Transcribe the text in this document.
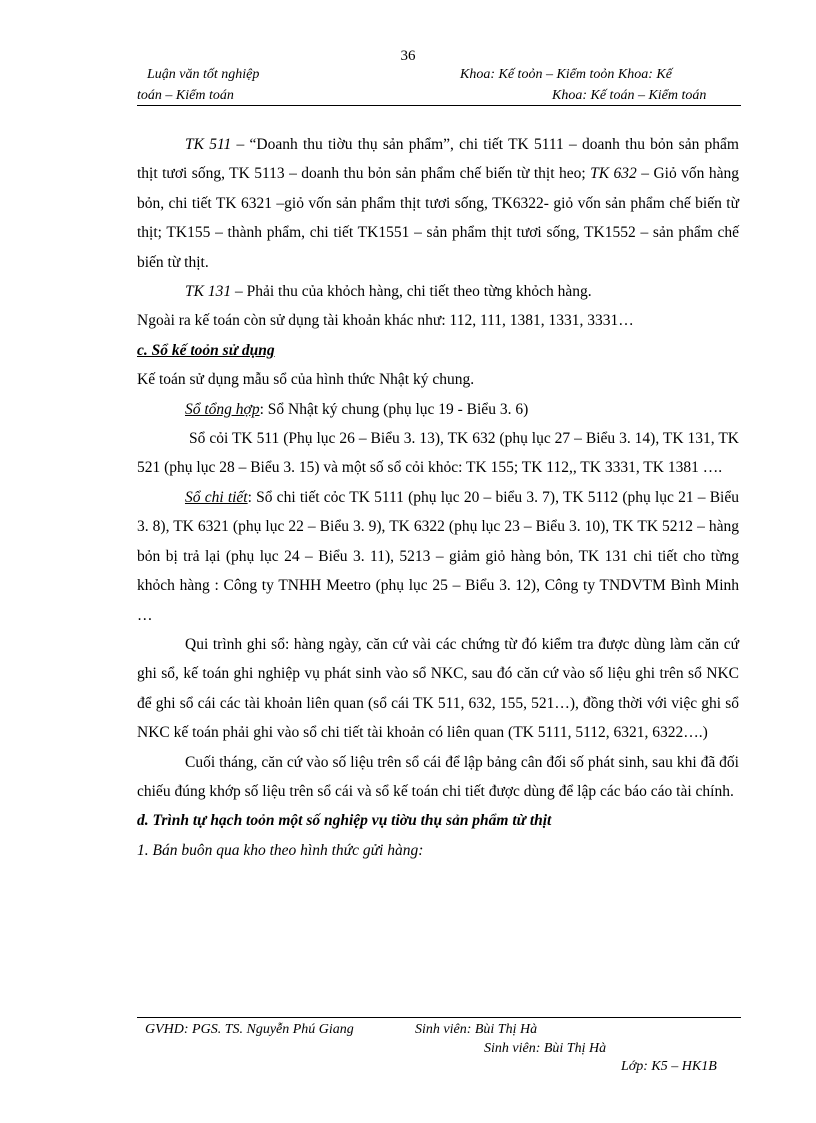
36
Luận văn tốt nghiệp	Khoa: Kế toỏn – Kiểm toỏn Khoa: Kế
toán – Kiểm toán	Khoa: Kế toán – Kiểm toán

TK 511 – “Doanh thu tiờu thụ sản phẩm”, chi tiết TK 5111 – doanh thu bỏn sản phẩm thịt tươi sống, TK 5113 – doanh thu bỏn sản phẩm chế biến từ thịt heo; TK 632 – Giỏ vốn hàng bỏn, chi tiết TK 6321 –giỏ vốn sản phẩm thịt tươi sống, TK6322- giỏ vốn sản phẩm chế biến từ thịt; TK155 – thành phẩm, chi tiết TK1551 – sản phẩm thịt tươi sống, TK1552 – sản phẩm chế biến từ thịt.

TK 131 – Phải thu của khỏch hàng, chi tiết theo từng khỏch hàng.

Ngoài ra kế toán còn sử dụng tài khoản khác như: 112, 111, 1381, 1331, 3331…

c. Sổ kế toỏn sử dụng

Kế toán sử dụng mẫu sổ của hình thức Nhật ký chung.

Sổ tổng hợp: Sổ Nhật ký chung (phụ lục 19 - Biểu 3. 6)

Sổ cỏi TK 511 (Phụ lục 26 – Biểu 3. 13), TK 632 (phụ lục 27 – Biểu 3. 14), TK 131, TK 521 (phụ lục 28 – Biểu 3. 15) và một số sổ cỏi khỏc: TK 155; TK 112,, TK 3331, TK 1381 ….

Sổ chi tiết: Sổ chi tiết cỏc TK 5111 (phụ lục 20 – biểu 3. 7), TK 5112 (phụ lục 21 – Biểu 3. 8), TK 6321 (phụ lục 22 – Biểu 3. 9), TK 6322 (phụ lục 23 – Biểu 3. 10), TK TK 5212 – hàng bỏn bị trả lại (phụ lục 24 – Biểu 3. 11), 5213 – giảm giỏ hàng bỏn, TK 131 chi tiết cho từng khỏch hàng : Công ty TNHH Meetro (phụ lục 25 – Biểu 3. 12), Công ty TNDVTM Bình Minh …

Qui trình ghi sổ: hàng ngày, căn cứ vài các chứng từ đó kiểm tra được dùng làm căn cứ ghi sổ, kế toán ghi nghiệp vụ phát sinh vào sổ NKC, sau đó căn cứ vào số liệu ghi trên sổ NKC để ghi sổ cái các tài khoản liên quan (sổ cái TK 511, 632, 155, 521…), đồng thời với việc ghi sổ NKC kế toán phải ghi vào sổ chi tiết tài khoản có liên quan (TK 5111, 5112, 6321, 6322….)

Cuối tháng, căn cứ vào số liệu trên sổ cái để lập bảng cân đối số phát sinh, sau khi đã đối chiếu đúng khớp số liệu trên sổ cái và sổ kế toán chi tiết được dùng để lập các báo cáo tài chính.

d. Trình tự hạch toỏn một số nghiệp vụ tiờu thụ sản phẩm từ thịt

1. Bán buôn qua kho theo hình thức gửi hàng:

GVHD: PGS. TS. Nguyễn Phú Giang	Sinh viên: Bùi Thị Hà
Sinh viên: Bùi Thị Hà
Lớp: K5 – HK1B
